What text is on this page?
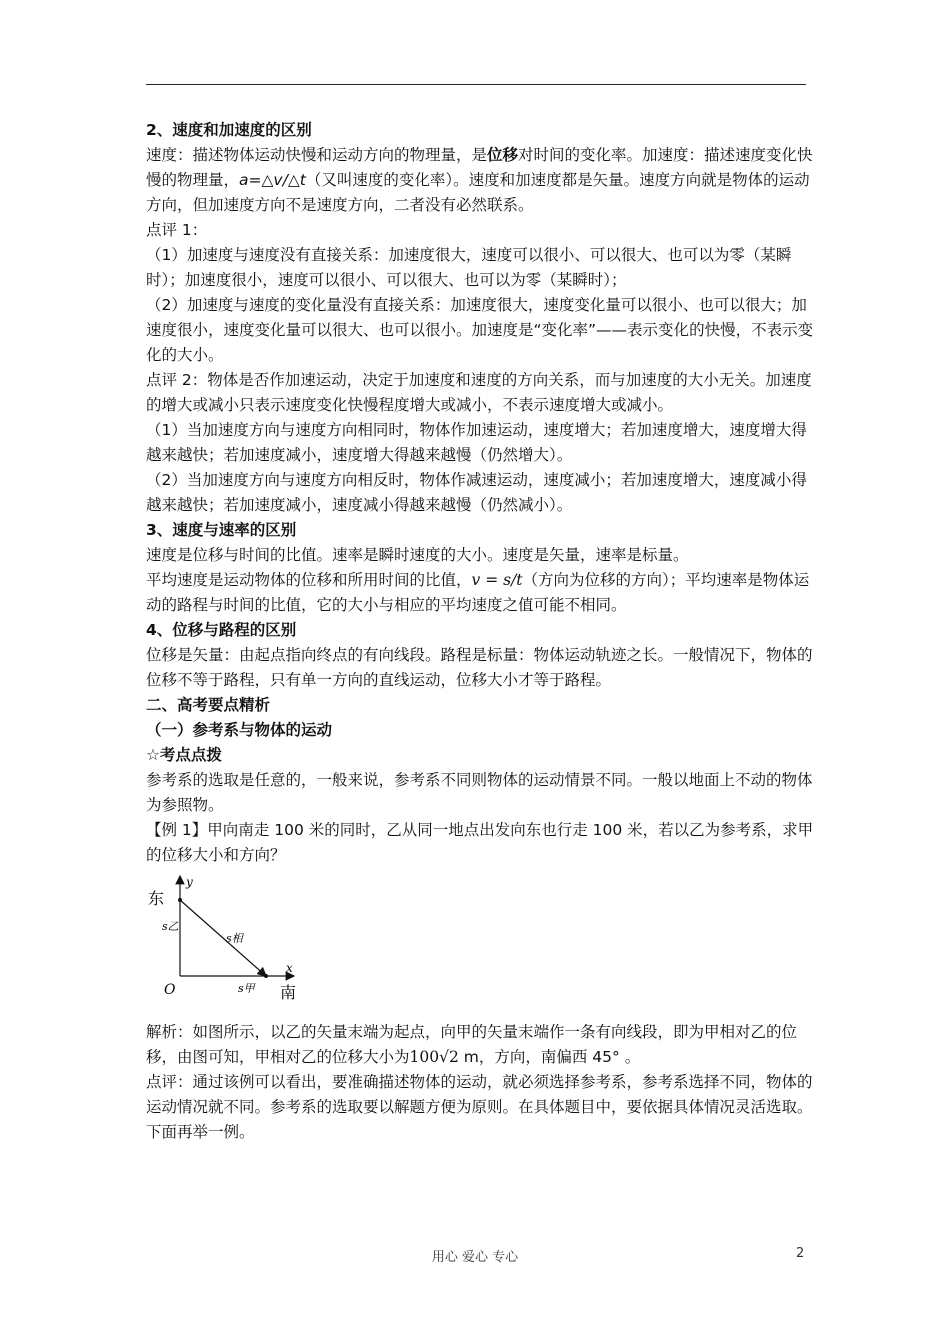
2、速度和加速度的区别

速度：描述物体运动快慢和运动方向的物理量，是位移对时间的变化率。加速度：描述速度变化快慢的物理量，a=△v/△t（又叫速度的变化率）。速度和加速度都是矢量。速度方向就是物体的运动方向，但加速度方向不是速度方向，二者没有必然联系。

点评 1：

（1）加速度与速度没有直接关系：加速度很大，速度可以很小、可以很大、也可以为零（某瞬时）；加速度很小，速度可以很小、可以很大、也可以为零（某瞬时）；

（2）加速度与速度的变化量没有直接关系：加速度很大，速度变化量可以很小、也可以很大；加速度很小，速度变化量可以很大、也可以很小。加速度是“变化率”——表示变化的快慢，不表示变化的大小。

点评 2：物体是否作加速运动，决定于加速度和速度的方向关系，而与加速度的大小无关。加速度的增大或减小只表示速度变化快慢程度增大或减小，不表示速度增大或减小。

（1）当加速度方向与速度方向相同时，物体作加速运动，速度增大；若加速度增大，速度增大得越来越快；若加速度减小，速度增大得越来越慢（仍然增大）。

（2）当加速度方向与速度方向相反时，物体作减速运动，速度减小；若加速度增大，速度减小得越来越快；若加速度减小，速度减小得越来越慢（仍然减小）。

3、速度与速率的区别

速度是位移与时间的比值。速率是瞬时速度的大小。速度是矢量，速率是标量。

平均速度是运动物体的位移和所用时间的比值，v = s/t（方向为位移的方向）；平均速率是物体运动的路程与时间的比值，它的大小与相应的平均速度之值可能不相同。

4、位移与路程的区别

位移是矢量：由起点指向终点的有向线段。路程是标量：物体运动轨迹之长。一般情况下，物体的位移不等于路程，只有单一方向的直线运动，位移大小才等于路程。

二、高考要点精析

（一）参考系与物体的运动

☆考点点拨

参考系的选取是任意的，一般来说，参考系不同则物体的运动情景不同。一般以地面上不动的物体为参照物。

【例 1】甲向南走 100 米的同时，乙从同一地点出发向东也行走 100 米，若以乙为参考系，求甲的位移大小和方向？

东
y
s乙
s相
x
O	s甲 南

解析：如图所示，以乙的矢量末端为起点，向甲的矢量末端作一条有向线段，即为甲相对乙的位移，由图可知，甲相对乙的位移大小为100√2 m，方向，南偏西 45° 。

点评：通过该例可以看出，要准确描述物体的运动，就必须选择参考系，参考系选择不同，物体的运动情况就不同。参考系的选取要以解题方便为原则。在具体题目中，要依据具体情况灵活选取。下面再举一例。

用心 爱心 专心	2
